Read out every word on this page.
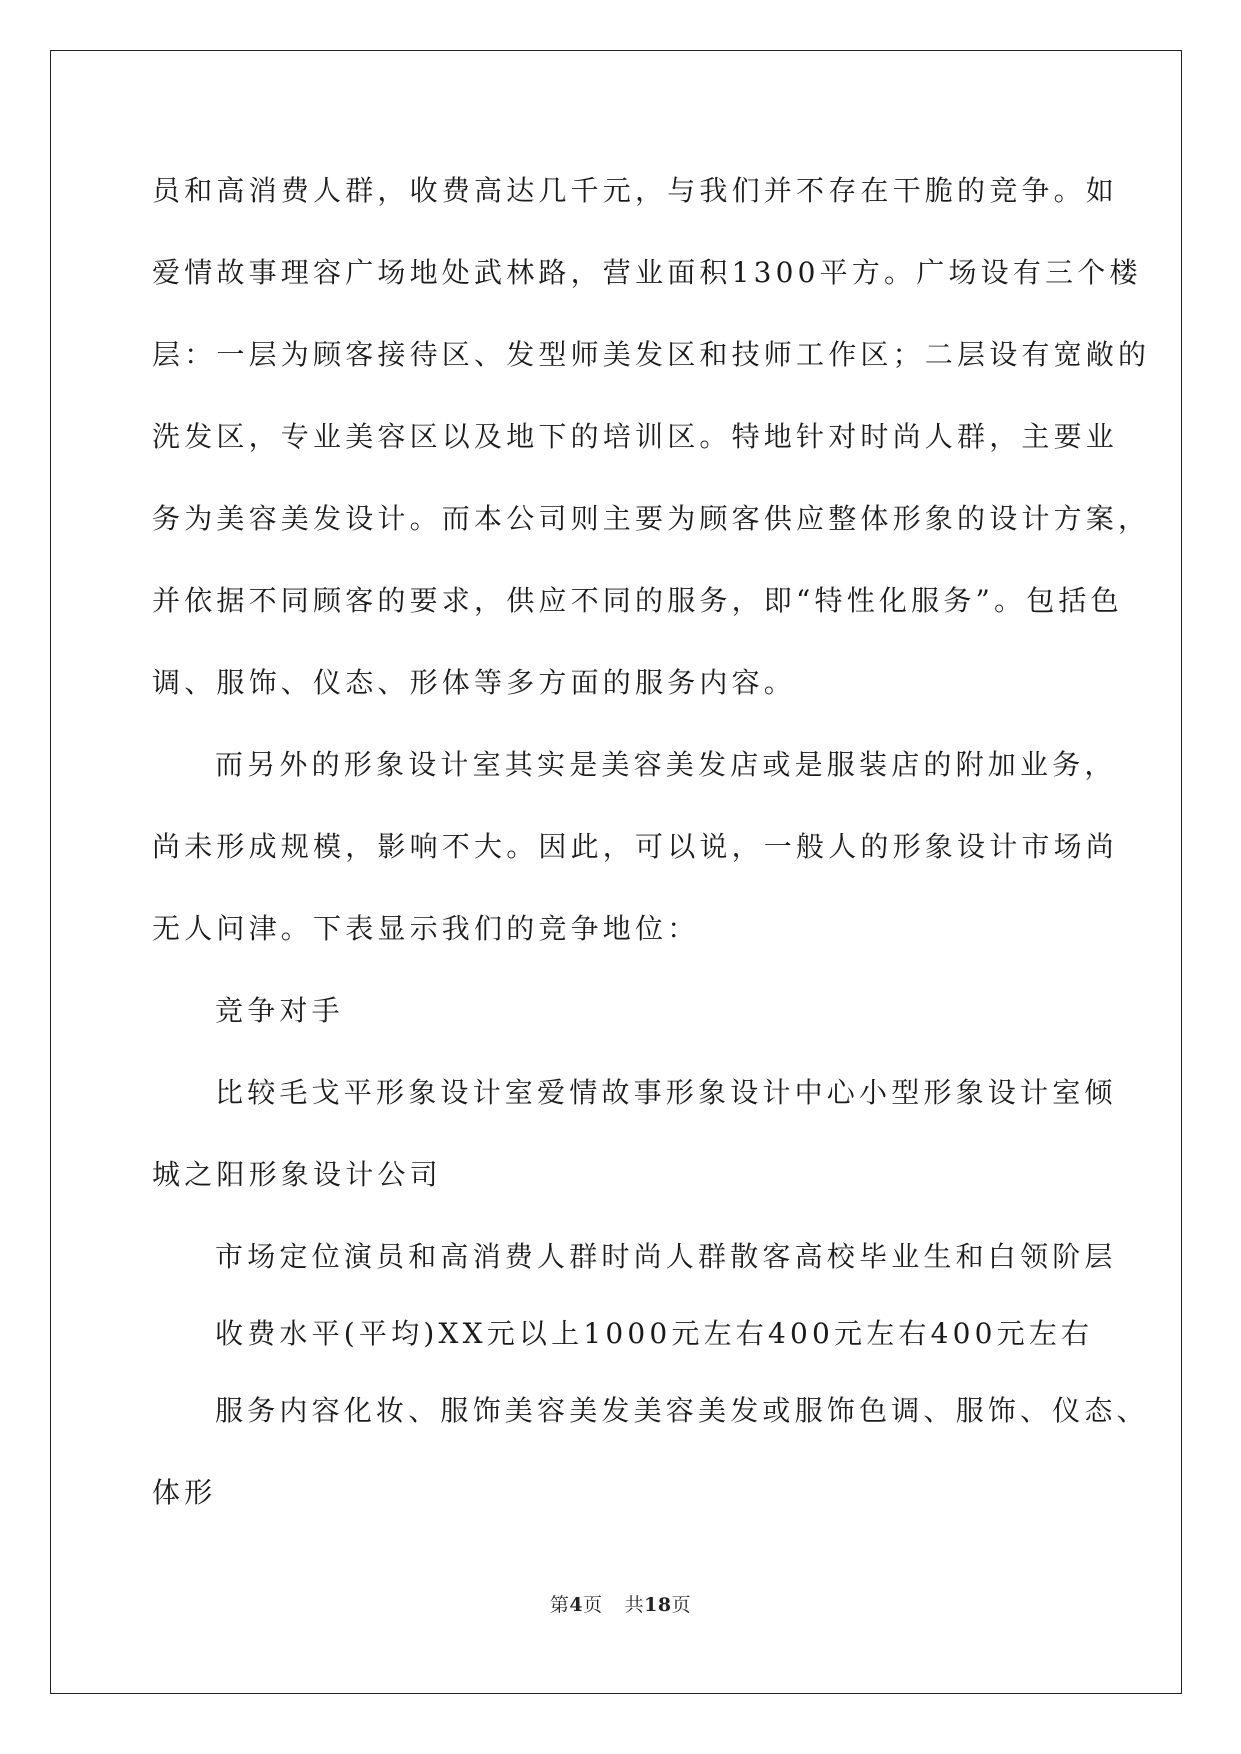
员和高消费人群，收费高达几千元，与我们并不存在干脆的竞争。如
爱情故事理容广场地处武林路，营业面积1300平方。广场设有三个楼
层：一层为顾客接待区、发型师美发区和技师工作区；二层设有宽敞的
洗发区，专业美容区以及地下的培训区。特地针对时尚人群，主要业
务为美容美发设计。而本公司则主要为顾客供应整体形象的设计方案，
并依据不同顾客的要求，供应不同的服务，即“特性化服务”。包括色
调、服饰、仪态、形体等多方面的服务内容。
而另外的形象设计室其实是美容美发店或是服装店的附加业务，
尚未形成规模，影响不大。因此，可以说，一般人的形象设计市场尚
无人问津。下表显示我们的竞争地位：
竞争对手
比较毛戈平形象设计室爱情故事形象设计中心小型形象设计室倾
城之阳形象设计公司
市场定位演员和高消费人群时尚人群散客高校毕业生和白领阶层
收费水平(平均)XX元以上1000元左右400元左右400元左右
服务内容化妆、服饰美容美发美容美发或服饰色调、服饰、仪态、
体形
第4页 共18页
